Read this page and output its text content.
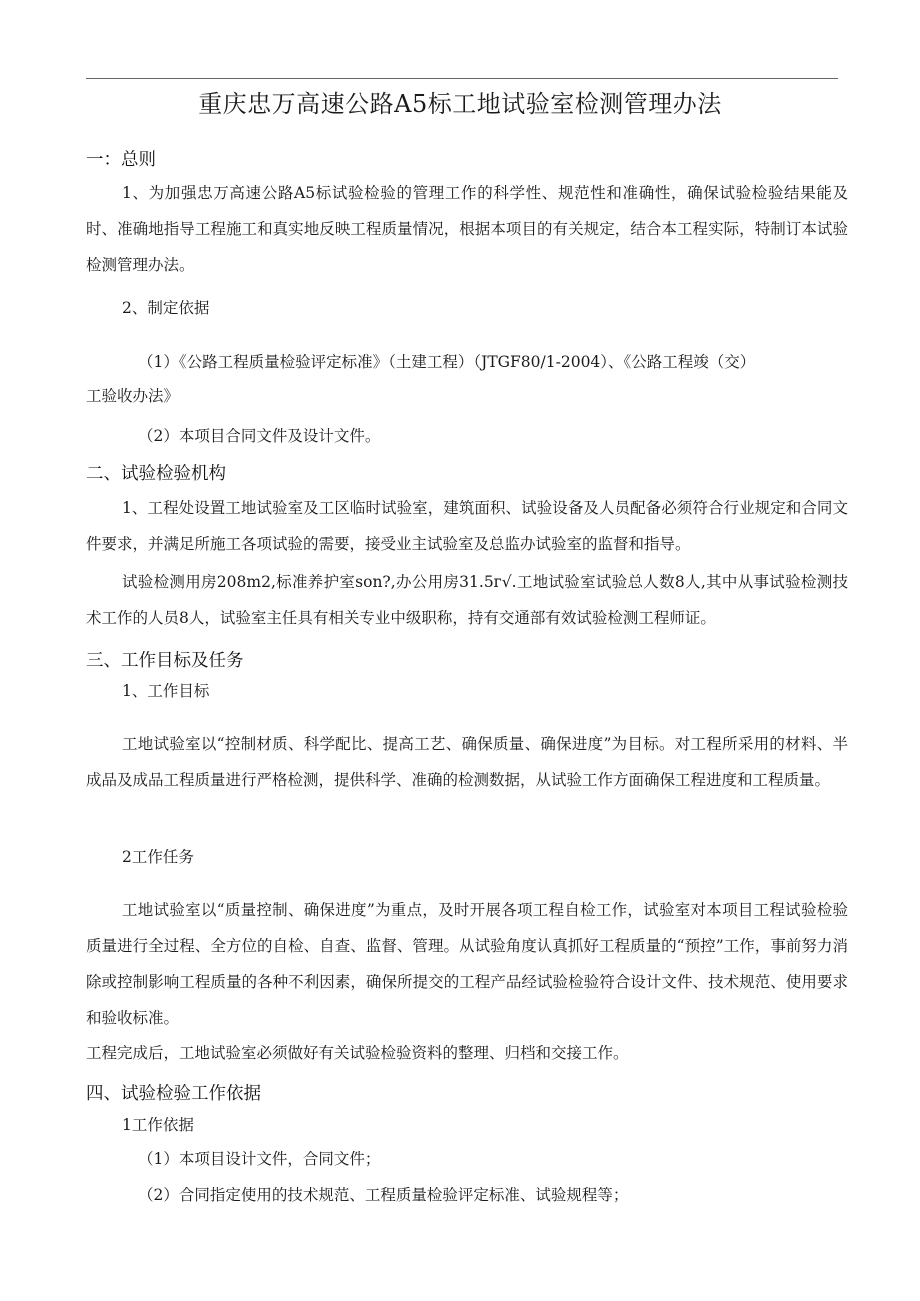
重庆忠万高速公路A5标工地试验室检测管理办法
一：总则

1、为加强忠万高速公路A5标试验检验的管理工作的科学性、规范性和准确性，确保试验检验结果能及时、准确地指导工程施工和真实地反映工程质量情况，根据本项目的有关规定，结合本工程实际，特制订本试验检测管理办法。

2、制定依据
（1）《公路工程质量检验评定标准》（土建工程）（JTGF80/1-2004）、《公路工程竣（交）
工验收办法》
（2）本项目合同文件及设计文件。
二、试验检验机构

1、工程处设置工地试验室及工区临时试验室，建筑面积、试验设备及人员配备必须符合行业规定和合同文件要求，并满足所施工各项试验的需要，接受业主试验室及总监办试验室的监督和指导。

试验检测用房208m2,标准养护室son?,办公用房31.5г√.工地试验室试验总人数8人,其中从事试验检测技术工作的人员8人，试验室主任具有相关专业中级职称，持有交通部有效试验检测工程师证。

三、工作目标及任务
1、工作目标

工地试验室以“控制材质、科学配比、提高工艺、确保质量、确保进度”为目标。对工程所采用的材料、半成品及成品工程质量进行严格检测，提供科学、准确的检测数据，从试验工作方面确保工程进度和工程质量。

2工作任务

工地试验室以“质量控制、确保进度”为重点，及时开展各项工程自检工作，试验室对本项目工程试验检验质量进行全过程、全方位的自检、自查、监督、管理。从试验角度认真抓好工程质量的“预控”工作，事前努力消除或控制影响工程质量的各种不利因素，确保所提交的工程产品经试验检验符合设计文件、技术规范、使用要求和验收标准。

工程完成后，工地试验室必须做好有关试验检验资料的整理、归档和交接工作。
四、试验检验工作依据
1工作依据
（1）本项目设计文件，合同文件；
（2）合同指定使用的技术规范、工程质量检验评定标准、试验规程等；
